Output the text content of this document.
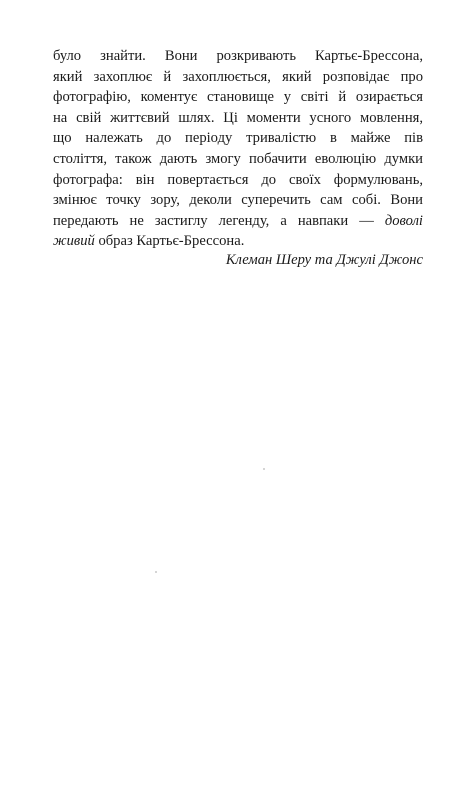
було знайти. Вони розкривають Картьє-Брессона,
який захоплює й захоплюється, який розповідає про
фотографію, коментує становище у світі й озирається
на свій життєвий шлях. Ці моменти усного мовлення,
що належать до періоду тривалістю в майже пів
століття, також дають змогу побачити еволюцію думки
фотографа: він повертається до своїх формулювань,
змінює точку зору, деколи суперечить сам собі. Вони
передають не застиглу легенду, а навпаки — доволі
живий образ Картьє-Брессона.
Клеман Шеру та Джулі Джонс
